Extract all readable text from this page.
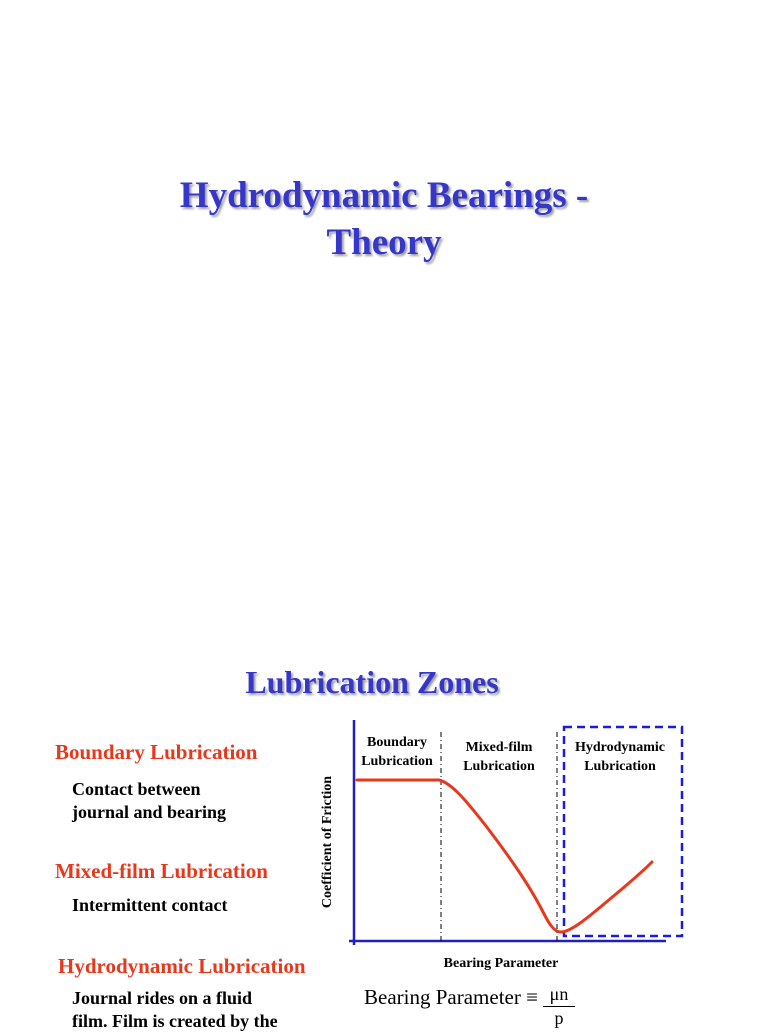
Hydrodynamic Bearings -
Theory
Lubrication Zones
Boundary Lubrication

Contact between
journal and bearing

Mixed-film Lubrication

Intermittent contact

Hydrodynamic Lubrication

Journal rides on a fluid
film. Film is created by the

Boundary
Lubrication
Mixed-film
Lubrication
Hydrodynamic
Lubrication
Bearing Parameter
Coefficient of Friction
Bearing Parameter ≡ $\frac{\mu n}{p}$
